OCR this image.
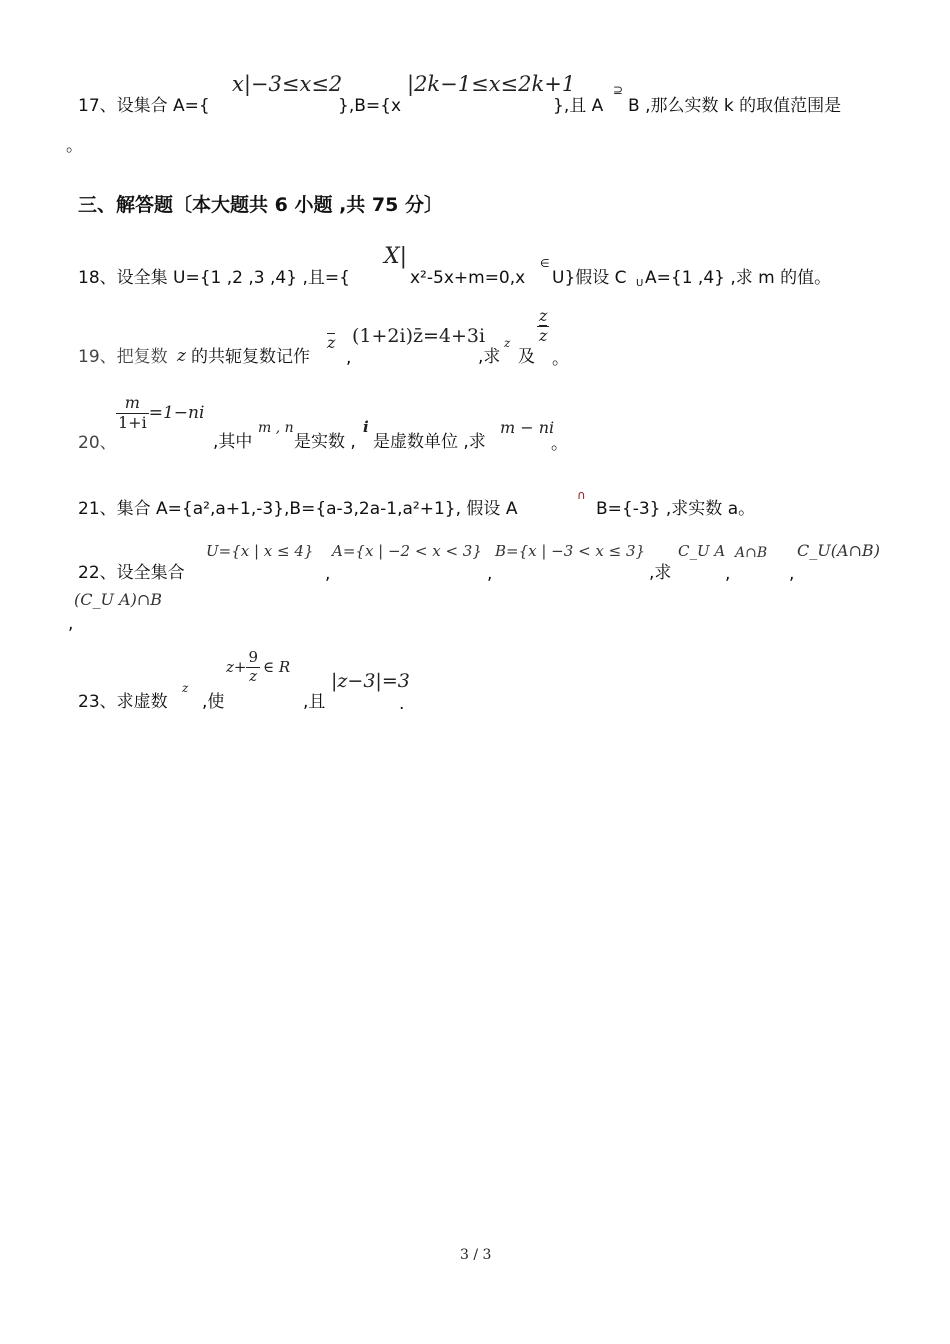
17、设集合 A={
x|−3≤x≤2
},B={x
|2k−1≤x≤2k+1
},且 A
⊇
B ,那么实数 k 的取值范围是
。
三、解答题〔本大题共 6 小题 ,共 75 分〕
18、设全集 U={1 ,2 ,3 ,4} ,且={
X|
x²-5x+m=0,x
∈
U}假设 C U A={1 ,4} ,求 m 的值。
19、把复数 z 的共轭复数记作
z
,
(1+2i)z̄=4+3i
,求
z
及
$\frac{z}{z}$
。
$\frac{m}{1+i} =1-ni$
20、	,其中
m , n
是实数 ,
i
是虚数单位 ,求
m − ni
。
21、集合 A={a²,a+1,-3},B={a-3,2a-1,a²+1}, 假设 A
∩
B={-3} ,求实数 a。
22、设全集合
U={x | x ≤ 4}
,
A={x | −2 < x < 3}
,
B={x | −3 < x ≤ 3}
,求
C_U A
,
A∩B
,
C_U(A∩B)
(C_U A)∩B
,
23、求虚数
z
,使
$z+ \frac{9}{z}$ ∈ R
,且
|z−3|=3
.
3 / 3
